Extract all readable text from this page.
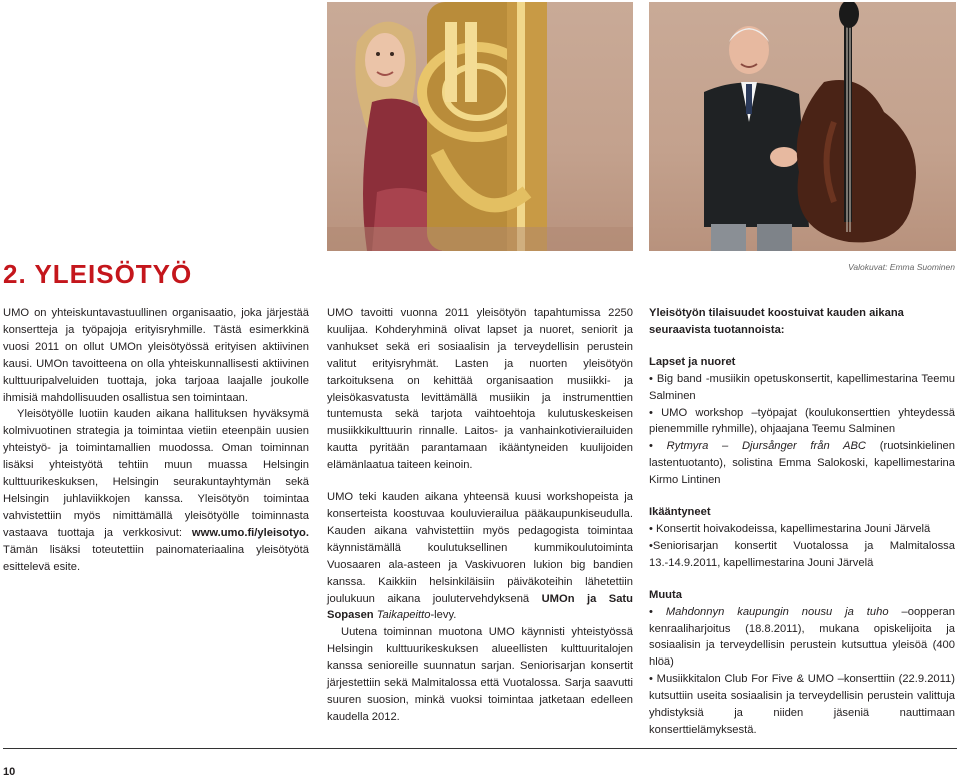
2. YLEISÖTYÖ	Valokuvat: Emma Suominen

UMO on yhteiskuntavastuullinen organisaatio, joka järjestää konsertteja ja työpajoja erityisryhmille. Tästä esimerkkinä vuosi 2011 on ollut UMOn yleisötyössä erityisen aktiivinen kausi. UMOn tavoitteena on olla yhteiskunnallisesti aktiivinen kulttuuripalveluiden tuottaja, joka tarjoaa laajalle joukolle ihmisiä mahdollisuuden osallistua sen toimintaan.

Yleisötyölle luotiin kauden aikana hallituksen hyväksymä kolmivuotinen strategia ja toimintaa vietiin eteenpäin uusien yhteistyö- ja toimintamallien muodossa. Oman toiminnan lisäksi yhteistyötä tehtiin muun muassa Helsingin kulttuurikeskuksen, Helsingin seurakuntayhtymän sekä Helsingin juhlaviikkojen kanssa. Yleisötyön toimintaa vahvistettiin myös nimittämällä yleisötyölle toiminnasta vastaava tuottaja ja verkkosivut: www.umo.fi/yleisotyo. Tämän lisäksi toteutettiin painomateriaalina yleisötyötä esittelevä esite.

UMO tavoitti vuonna 2011 yleisötyön tapahtumissa 2250 kuulijaa. Kohderyhminä olivat lapset ja nuoret, seniorit ja vanhukset sekä eri sosiaalisin ja terveydellisin perustein valitut erityisryhmät. Lasten ja nuorten yleisötyön tarkoituksena on kehittää organisaation musiikki- ja yleisökasvatusta levittämällä musiikin ja instrumenttien tuntemusta sekä tarjota vaihtoehtoja kulutuskeskeisen musiikkikulttuurin rinnalle. Laitos- ja vanhainkotivierailuiden kautta pyritään parantamaan ikääntyneiden kuulijoiden elämänlaatua taiteen keinoin.

UMO teki kauden aikana yhteensä kuusi workshopeista ja konserteista koostuvaa kouluvierailua pääkaupunkiseudulla. Kauden aikana vahvistettiin myös pedagogista toimintaa käynnistämällä koulutuksellinen kummikoulutoiminta Vuosaaren ala-asteen ja Vaskivuoren lukion big bandien kanssa. Kaikkiin helsinkiläisiin päiväkoteihin lähetettiin joulukuun aikana joulutervehdyksenä UMOn ja Satu Sopasen Taikapeitto-levy.

Uutena toiminnan muotona UMO käynnisti yhteistyössä Helsingin kulttuurikeskuksen alueellisten kulttuuritalojen kanssa senioreille suunnatun sarjan. Seniorisarjan konsertit järjestettiin sekä Malmitalossa että Vuotalossa. Sarja saavutti suuren suosion, minkä vuoksi toimintaa jatketaan edelleen kaudella 2012.

Yleisötyön tilaisuudet koostuivat kauden aikana seuraavista tuotannoista:

Lapset ja nuoret

• Big band -musiikin opetuskonsertit, kapellimestarina Teemu Salminen

• UMO workshop –työpajat (koulukonserttien yhteydessä pienemmille ryhmille), ohjaajana Teemu Salminen

• Rytmyra – Djursånger från ABC (ruotsinkielinen lastentuotanto), solistina Emma Salokoski, kapellimestarina Kirmo Lintinen

Ikääntyneet

• Konsertit hoivakodeissa, kapellimestarina Jouni Järvelä

•Seniorisarjan konsertit Vuotalossa ja Malmitalossa 13.-14.9.2011, kapellimestarina Jouni Järvelä

Muuta

• Mahdonnyn kaupungin nousu ja tuho –oopperan kenraaliharjoitus (18.8.2011), mukana opiskelijoita ja sosiaalisin ja terveydellisin perustein kutsuttua yleisöä (400 hlöä)

• Musiikkitalon Club For Five & UMO –konserttiin (22.9.2011) kutsuttiin useita sosiaalisin ja terveydellisin perustein valittuja yhdistyksiä ja niiden jäseniä nauttimaan konserttielämyksestä.

10
